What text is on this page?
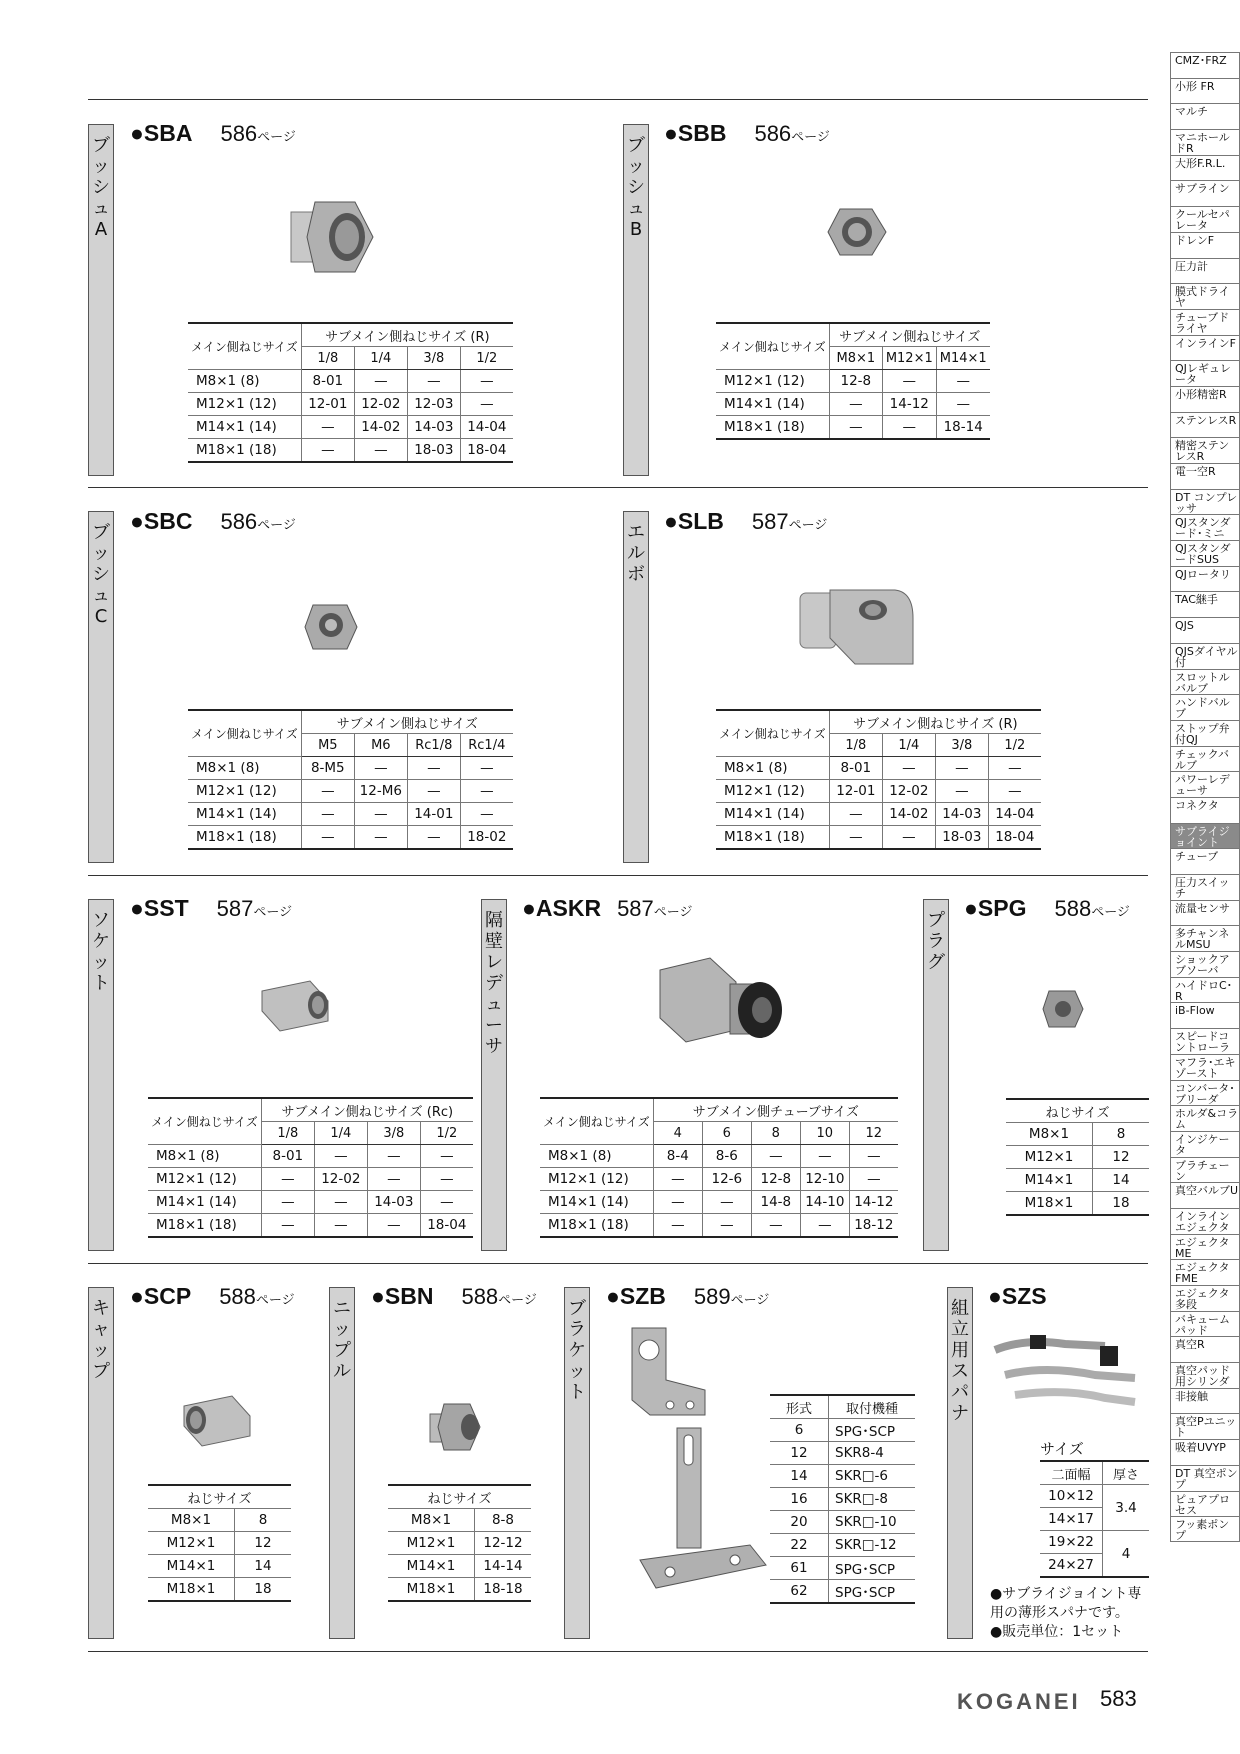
ブッシュA
●SBA 586ページ
メイン側ねじサイズ	サブメイン側ねじサイズ (R)			
	1/8	1/4	3/8	1/2
M8×1 (8)	8-01	—	—	—
M12×1 (12)	12-01	12-02	12-03	—
M14×1 (14)	—	14-02	14-03	14-04
M18×1 (18)	—	—	18-03	18-04
ブッシュB
●SBB 586ページ
メイン側ねじサイズ	サブメイン側ねじサイズ		
	M8×1	M12×1	M14×1
M12×1 (12)	12-8	—	—
M14×1 (14)	—	14-12	—
M18×1 (18)	—	—	18-14
ブッシュC
●SBC 586ページ
メイン側ねじサイズ	サブメイン側ねじサイズ			
	M5	M6	Rc1/8	Rc1/4
M8×1 (8)	8-M5	—	—	—
M12×1 (12)	—	12-M6	—	—
M14×1 (14)	—	—	14-01	—
M18×1 (18)	—	—	—	18-02
エルボ
●SLB 587ページ
メイン側ねじサイズ	サブメイン側ねじサイズ (R)			
	1/8	1/4	3/8	1/2
M8×1 (8)	8-01	—	—	—
M12×1 (12)	12-01	12-02	—	—
M14×1 (14)	—	14-02	14-03	14-04
M18×1 (18)	—	—	18-03	18-04
ソケット
●SST 587ページ
メイン側ねじサイズ	サブメイン側ねじサイズ (Rc)			
	1/8	1/4	3/8	1/2
M8×1 (8)	8-01	—	—	—
M12×1 (12)	—	12-02	—	—
M14×1 (14)	—	—	14-03	—
M18×1 (18)	—	—	—	18-04
隔壁レデューサ
●ASKR 587ページ
メイン側ねじサイズ	サブメイン側チューブサイズ				
	4	6	8	10	12
M8×1 (8)	8-4	8-6	—	—	—
M12×1 (12)	—	12-6	12-8	12-10	—
M14×1 (14)	—	—	14-8	14-10	14-12
M18×1 (18)	—	—	—	—	18-12
プラグ
●SPG 588ページ
ねじサイズ	
M8×1	8
M12×1	12
M14×1	14
M18×1	18
キャップ
●SCP 588ページ
ねじサイズ	
M8×1	8
M12×1	12
M14×1	14
M18×1	18
ニップル
●SBN 588ページ
ねじサイズ	
M8×1	8-8
M12×1	12-12
M14×1	14-14
M18×1	18-18
ブラケット
●SZB 589ページ
形式	取付機種
6	SPG･SCP
12	SKR8-4
14	SKR□-6
16	SKR□-8
20	SKR□-10
22	SKR□-12
61	SPG･SCP
62	SPG･SCP
組立用スパナ
●SZS
サイズ
二面幅	厚さ
10×12	3.4
14×17	
19×22	4
24×27	
●サブライジョイント専用の薄形スパナです。
●販売単位：1セット
CMZ･FRZ
小形 FR
マルチ
マニホールドR
大形F.R.L.
サブライン
クールセパレータ
ドレンF
圧力計
膜式ドライヤ
チューブドライヤ
インラインF
QJレギュレータ
小形精密R
ステンレスR
精密ステンレスR
電一空R
DT コンプレッサ
QJスタンダード･ミニ
QJスタンダードSUS
QJロータリ
TAC継手
QJS
QJSダイヤル付
スロットルバルブ
ハンドバルブ
ストップ弁付QJ
チェックバルブ
パワーレデューサ
コネクタ
サブライジョイント
チューブ
圧力スイッチ
流量センサ
多チャンネルMSU
ショックアブソーバ
ハイドロC･R
iB-Flow
スピードコントローラ
マフラ･エキゾースト
コンバータ･ブリーダ
ホルダ&コラム
インジケータ
ブラチェーン
真空バルブU
インラインエジェクタ
エジェクタME
エジェクタFME
エジェクタ多段
バキュームパッド
真空R
真空パッド用シリンダ
非接触
真空Pユニット
吸着UVYP
DT 真空ポンプ
ピュアプロセス
フッ素ポンプ
KOGANEI 583
